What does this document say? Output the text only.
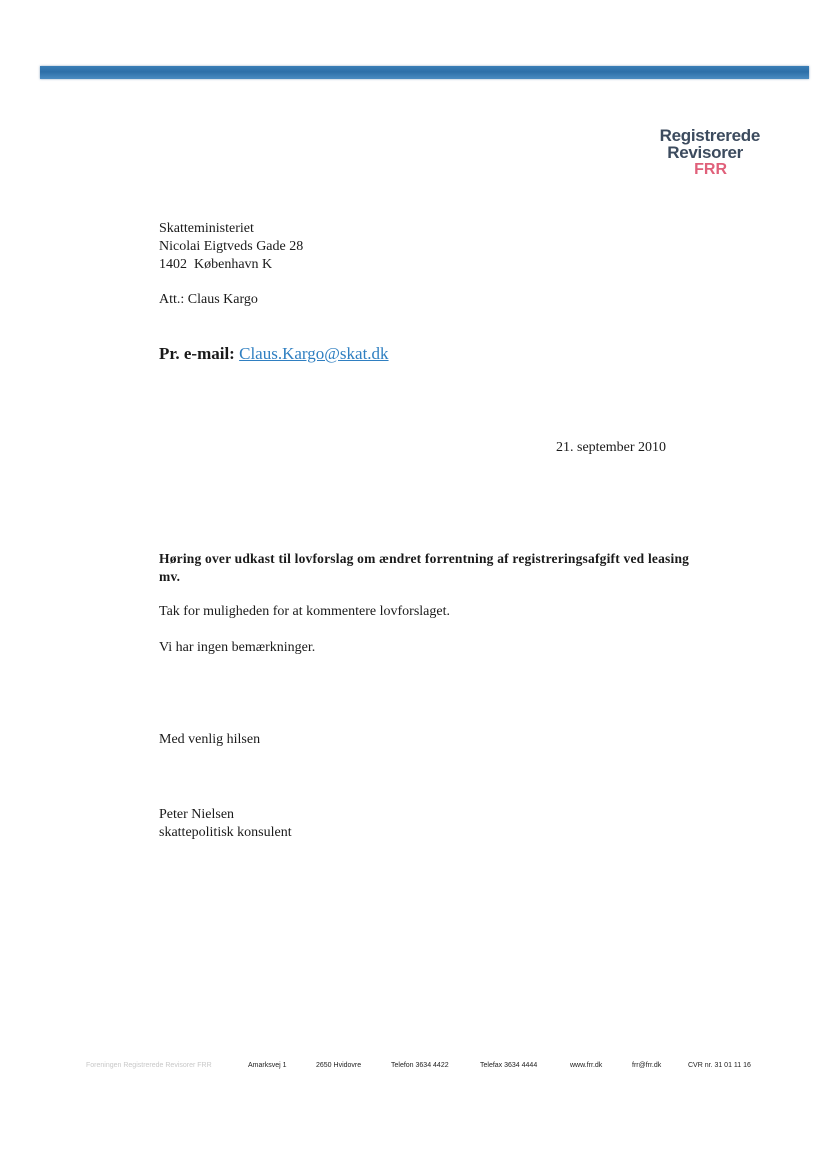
Registrerede
Revisorer
FRR
Skatteministeriet
Nicolai Eigtveds Gade 28
1402  København K
Att.: Claus Kargo
Pr. e-mail: Claus.Kargo@skat.dk
21. september 2010
Høring over udkast til lovforslag om ændret forrentning af registreringsafgift ved leasing mv.
Tak for muligheden for at kommentere lovforslaget.
Vi har ingen bemærkninger.
Med venlig hilsen
Peter Nielsen
skattepolitisk konsulent
Foreningen Registrerede Revisorer FRR	Amarksvej 1	2650 Hvidovre	Telefon 3634 4422	Telefax 3634 4444	www.frr.dk	frr@frr.dk	CVR nr. 31 01 11 16
